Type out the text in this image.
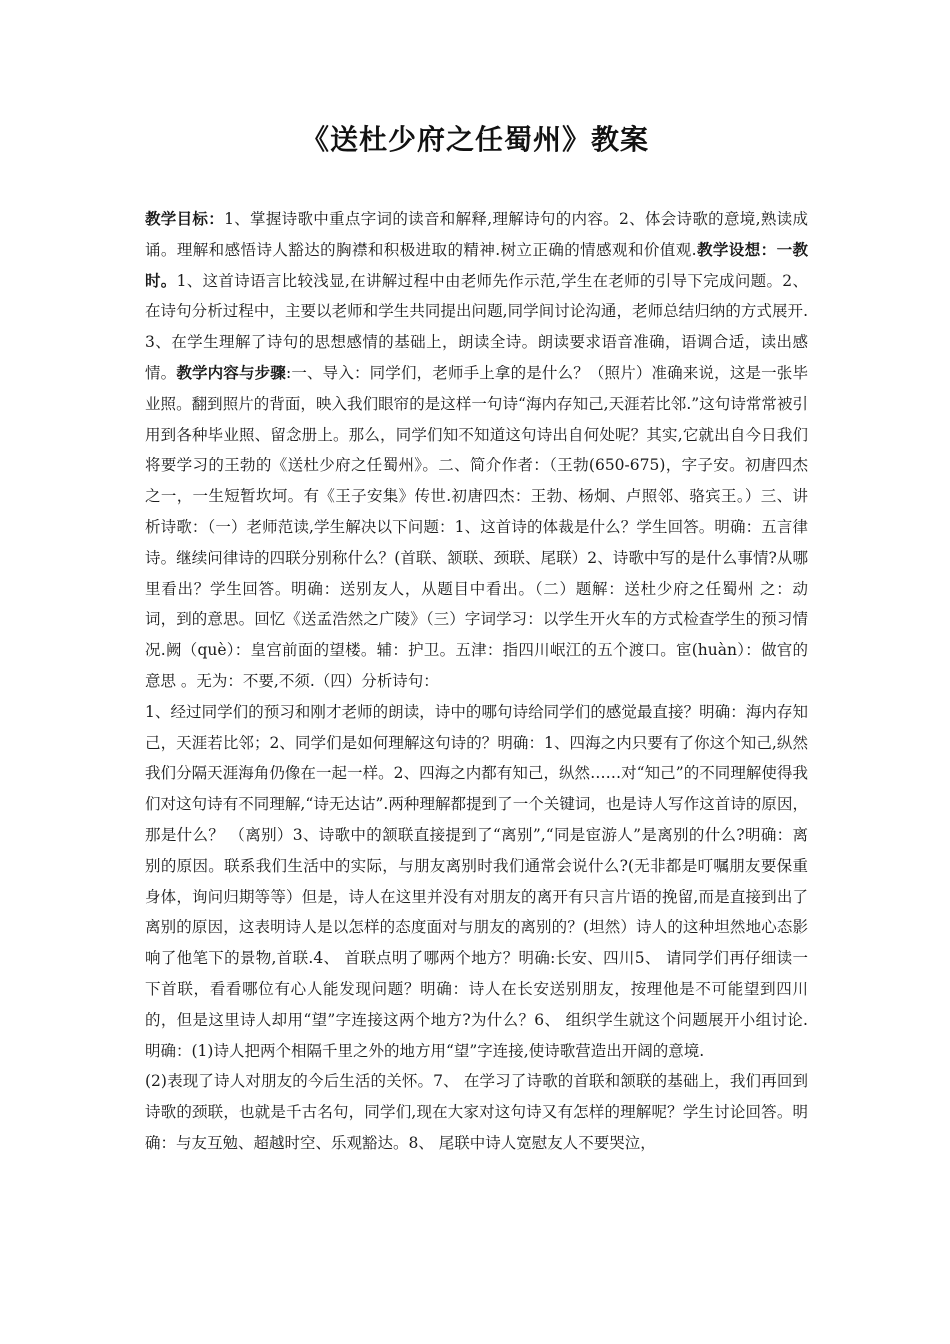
《送杜少府之任蜀州》教案

教学目标：1、掌握诗歌中重点字词的读音和解释,理解诗句的内容。2、体会诗歌的意境,熟读成诵。理解和感悟诗人豁达的胸襟和积极进取的精神.树立正确的情感观和价值观.教学设想：一教时。1、这首诗语言比较浅显,在讲解过程中由老师先作示范,学生在老师的引导下完成问题。2、在诗句分析过程中，主要以老师和学生共同提出问题,同学间讨论沟通，老师总结归纳的方式展开.3、在学生理解了诗句的思想感情的基础上，朗读全诗。朗读要求语音准确，语调合适，读出感情。教学内容与步骤:一、导入：同学们，老师手上拿的是什么？（照片）准确来说，这是一张毕业照。翻到照片的背面，映入我们眼帘的是这样一句诗“海内存知己,天涯若比邻.”这句诗常常被引用到各种毕业照、留念册上。那么，同学们知不知道这句诗出自何处呢？其实,它就出自今日我们将要学习的王勃的《送杜少府之任蜀州》。二、简介作者：（王勃(650-675)，字子安。初唐四杰之一，一生短暂坎坷。有《王子安集》传世.初唐四杰：王勃、杨炯、卢照邻、骆宾王。）三、讲析诗歌：（一）老师范读,学生解决以下问题：1、这首诗的体裁是什么？学生回答。明确：五言律诗。继续问律诗的四联分别称什么？(首联、颔联、颈联、尾联）2、诗歌中写的是什么事情?从哪里看出？学生回答。明确：送别友人，从题目中看出。（二）题解：送杜少府之任蜀州 之：动词，到的意思。回忆《送孟浩然之广陵》（三）字词学习：以学生开火车的方式检查学生的预习情况.阙（què）：皇宫前面的望楼。辅：护卫。五津：指四川岷江的五个渡口。宦(huàn）：做官的意思 。无为：不要,不须.（四）分析诗句：

1、经过同学们的预习和刚才老师的朗读，诗中的哪句诗给同学们的感觉最直接？明确：海内存知己，天涯若比邻；2、同学们是如何理解这句诗的？明确：1、四海之内只要有了你这个知己,纵然我们分隔天涯海角仍像在一起一样。2、四海之内都有知己，纵然……对“知己”的不同理解使得我们对这句诗有不同理解,“诗无达诂”.两种理解都提到了一个关键词，也是诗人写作这首诗的原因，那是什么？ （离别）3、诗歌中的颔联直接提到了“离别”,“同是宦游人”是离别的什么?明确：离别的原因。联系我们生活中的实际，与朋友离别时我们通常会说什么?(无非都是叮嘱朋友要保重身体，询问归期等等）但是，诗人在这里并没有对朋友的离开有只言片语的挽留,而是直接到出了离别的原因，这表明诗人是以怎样的态度面对与朋友的离别的？(坦然）诗人的这种坦然地心态影响了他笔下的景物,首联.4、 首联点明了哪两个地方？明确:长安、四川5、 请同学们再仔细读一下首联，看看哪位有心人能发现问题？明确：诗人在长安送别朋友，按理他是不可能望到四川的，但是这里诗人却用“望”字连接这两个地方?为什么？6、 组织学生就这个问题展开小组讨论.明确：(1)诗人把两个相隔千里之外的地方用“望”字连接,使诗歌营造出开阔的意境.

(2)表现了诗人对朋友的今后生活的关怀。7、 在学习了诗歌的首联和颔联的基础上，我们再回到诗歌的颈联，也就是千古名句，同学们,现在大家对这句诗又有怎样的理解呢？学生讨论回答。明确：与友互勉、超越时空、乐观豁达。8、 尾联中诗人宽慰友人不要哭泣，
